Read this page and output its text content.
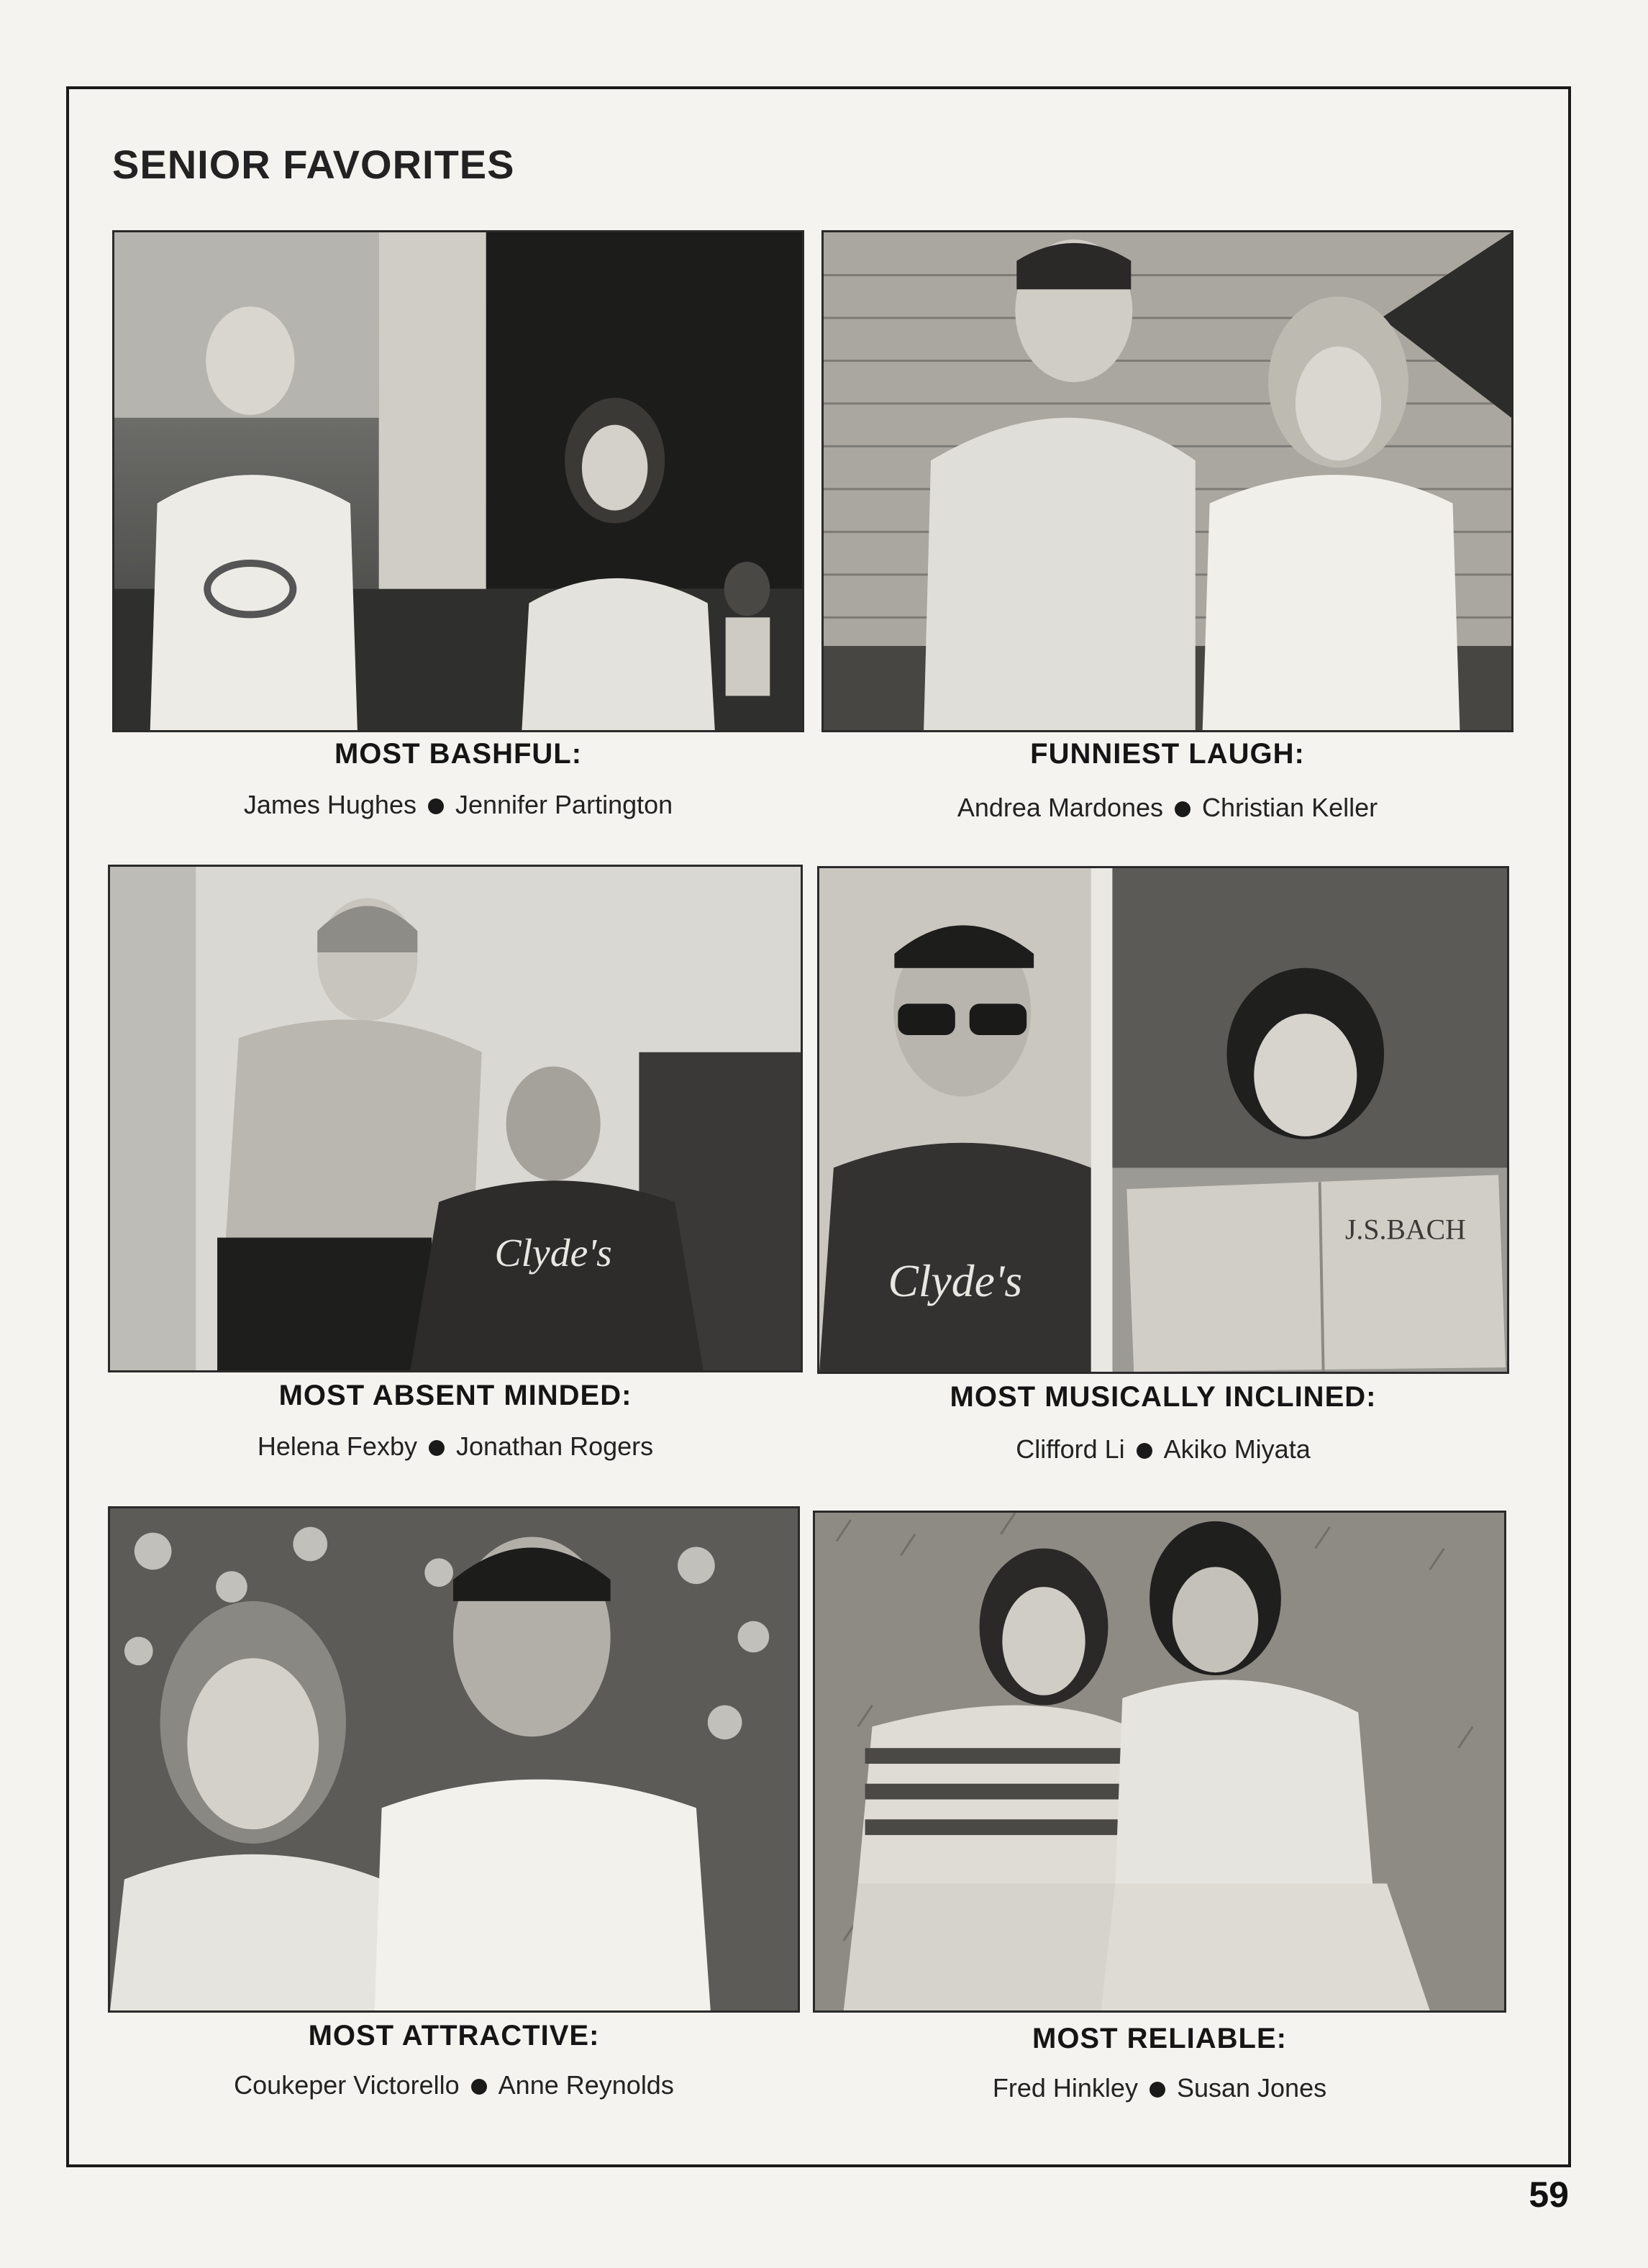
SENIOR FAVORITES
MOST BASHFUL:
James Hughes Jennifer Partington
FUNNIEST LAUGH:
Andrea Mardones Christian Keller
Clyde's
MOST ABSENT MINDED:
Helena Fexby Jonathan Rogers
Clyde's
J.S.BACH
MOST MUSICALLY INCLINED:
Clifford Li Akiko Miyata
MOST ATTRACTIVE:
Coukeper Victorello Anne Reynolds
MOST RELIABLE:
Fred Hinkley Susan Jones
59
